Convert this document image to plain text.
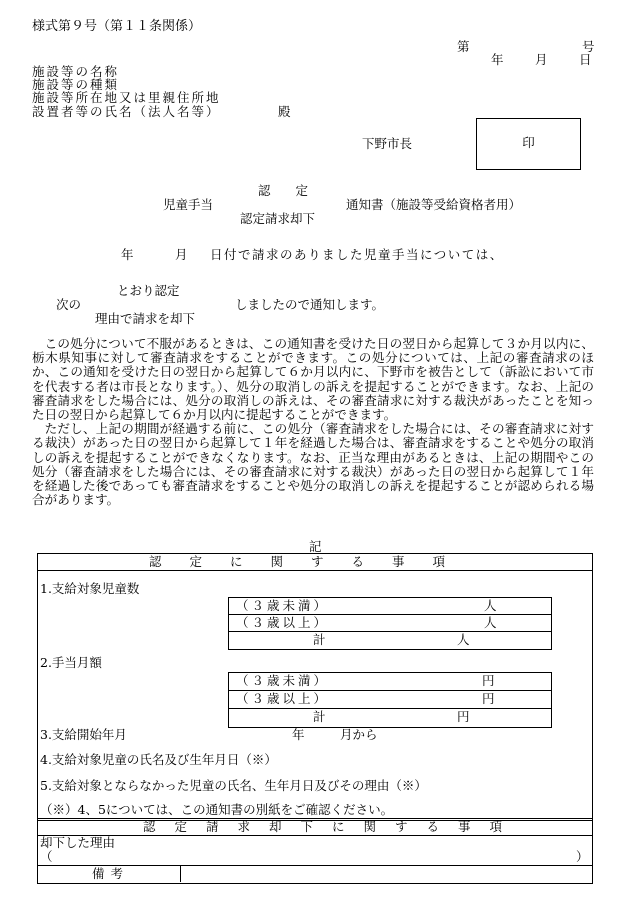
様式第９号（第１１条関係）
第	号
年	月	日
施設等の名称
施設等の種類
施設等所在地又は里親住所地
設置者等の氏名（法人名等）	殿
下野市長	印
認　　定
児童手当	通知書（施設等受給資格者用）
認定請求却下
年	月 日付で請求のありました児童手当については、
とおり認定
次の	しましたので通知します。
理由で請求を却下

この処分について不服があるときは、この通知書を受けた日の翌日から起算して３か月以内に、栃木県知事に対して審査請求をすることができます。この処分については、上記の審査請求のほか、この通知を受けた日の翌日から起算して６か月以内に、下野市を被告として（訴訟において市を代表する者は市長となります。）、処分の取消しの訴えを提起することができます。なお、上記の審査請求をした場合には、処分の取消しの訴えは、その審査請求に対する裁決があったことを知った日の翌日から起算して６か月以内に提起することができます。

ただし、上記の期間が経過する前に、この処分（審査請求をした場合には、その審査請求に対する裁決）があった日の翌日から起算して１年を経過した場合は、審査請求をすることや処分の取消しの訴えを提起することができなくなります。なお、正当な理由があるときは、上記の期間やこの処分（審査請求をした場合には、その審査請求に対する裁決）があった日の翌日から起算して１年を経過した後であっても審査請求をすることや処分の取消しの訴えを提起することが認められる場合があります。

記
認定に関する事項
1.支給対象児童数
（３歳未満）	人
（３歳以上）	人
計	人
2.手当月額
（３歳未満）	円
（３歳以上）	円
計	円
3.支給開始年月	年	月から
4.支給対象児童の氏名及び生年月日（※）
5.支給対象とならなかった児童の氏名、生年月日及びその理由（※）
（※）4、5については、この通知書の別紙をご確認ください。
認定請求却下に関する事項
却下した理由
（	）
備考
